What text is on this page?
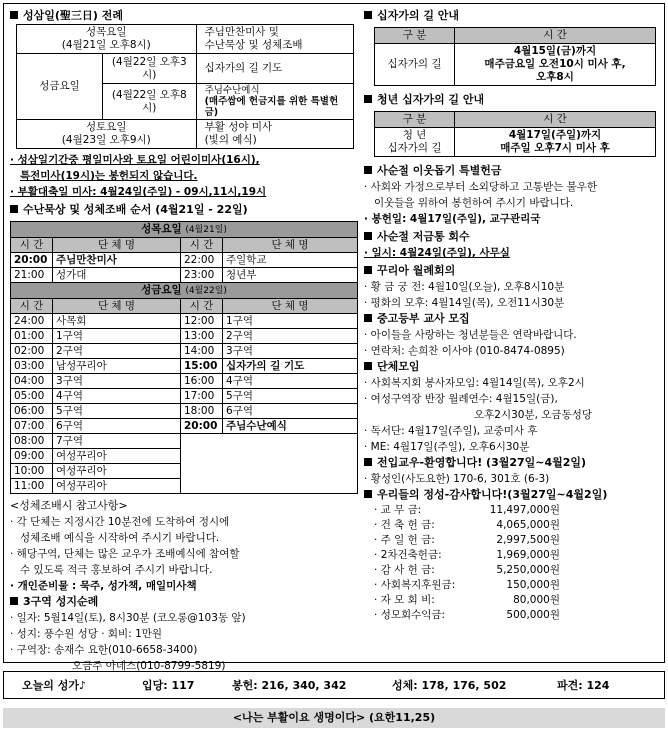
성삼일(聖三日) 전례
성목요일
(4월21일 오후8시)		주님만찬미사 및
수난묵상 및 성체조배
성금요일	(4월22일 오후3시)	십자가의 길 기도
	(4월22일 오후8시)	주님수난예식
(매주쌈에 헌금지를 위한 특별헌금)
성토요일
(4월23일 오후9시)		부활 성야 미사
(빛의 예식)
· 성삼일기간중 평일미사와 토요일 어린이미사(16시),
특전미사(19시)는 봉헌되지 않습니다.
· 부활대축일 미사: 4월24일(주일) - 09시,11시,19시
수난묵상 및 성체조배 순서 (4월21일 - 22일)
성목요일 (4월21일)			
시 간	단 체 명	시 간	단 체 명
20:00	주님만찬미사	22:00	주일학교
21:00	성가대	23:00	청년부
성금요일 (4월22일)			
시 간	단 체 명	시 간	단 체 명
24:00	사목회	12:00	1구역
01:00	1구역	13:00	2구역
02:00	2구역	14:00	3구역
03:00	남성꾸리아	15:00	십자가의 길 기도
04:00	3구역	16:00	4구역
05:00	4구역	17:00	5구역
06:00	5구역	18:00	6구역
07:00	6구역	20:00	주님수난예식
08:00	7구역		
09:00	여성꾸리아		
10:00	여성꾸리아		
11:00	여성꾸리아		
<성체조배시 참고사항>
· 각 단체는 지정시간 10분전에 도착하여 정시에
성체조배 예식을 시작하여 주시기 바랍니다.
· 해당구역, 단체는 많은 교우가 조배예식에 참여할
수 있도록 적극 홍보하여 주시기 바랍니다.
· 개인준비물 : 묵주, 성가책, 매일미사책
3구역 성지순례
· 일자: 5월14일(토), 8시30분 (코오롱@103동 앞)
· 성지: 풍수원 성당 · 회비: 1만원
· 구역장: 송재수 요한(010-6658-3400)
오금주 아네스(010-8799-5819)
십자가의 길 안내
구 분	시 간
십자가의 길	4월15일(금)까지
매주금요일 오전10시 미사 후,
오후8시
청년 십자가의 길 안내
구 분	시 간
청 년
십자가의 길	4월17일(주일)까지
매주일 오후7시 미사 후
사순절 이웃돕기 특별헌금
· 사회와 가정으로부터 소외당하고 고통받는 불우한
이웃들을 위하여 봉헌하여 주시기 바랍니다.
· 봉헌일: 4월17일(주일), 교구관리국
사순절 저금통 회수
· 일시: 4월24일(주일), 사무실
꾸리아 월례회의
· 황 금 궁 전: 4월10일(오늘), 오후8시10분
· 평화의 모후: 4월14일(목), 오전11시30분
중고등부 교사 모집
· 아이들을 사랑하는 청년분들은 연락바랍니다.
· 연락처: 손희찬 이사야 (010-8474-0895)
단체모임
· 사회복지회 봉사자모임: 4월14일(목), 오후2시
· 여성구역장 반장 월례연수: 4월15일(금),
오후2시30분, 오금동성당
· 독서단: 4월17일(주일), 교중미사 후
· ME: 4월17일(주일), 오후6시30분
전입교우-환영합니다! (3월27일~4월2일)
· 황성인(사도요한) 170-6, 301호 (6-3)
우리들의 정성-감사합니다!(3월27일~4월2일)
· 교 무 금:	11,497,000원
· 건 축 헌 금:	4,065,000원
· 주 일 헌 금:	2,997,500원
· 2차건축헌금:	1,969,000원
· 감 사 헌 금:	5,250,000원
· 사회복지후원금:	150,000원
· 자 모 회 비:	80,000원
· 성모회수익금:	500,000원
오늘의 성가♪	입당: 117	봉헌: 216, 340, 342	성체: 178, 176, 502	파견: 124
<나는 부활이요 생명이다> (요한11,25)
